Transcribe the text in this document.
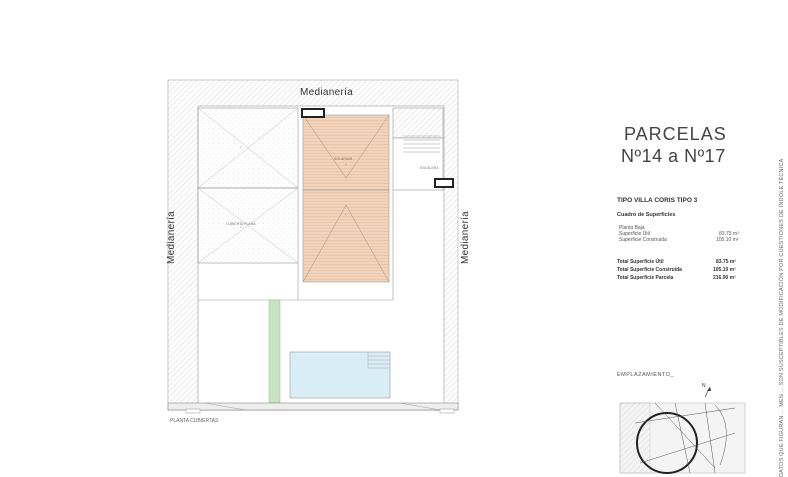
+
+
+
+
Medianería
Medianería	Medianería
SOLARIUM
CUBIERTA PLANA
ESCALERA
PLANTA CUBIERTAS
PARCELAS
Nº14 a Nº17
TIPO VILLA CORIS TIPO 3
Cuadro de Superficies
Planta Baja
Superficie Útil	83.75 m²
Superficie Construida	105.10 m²
Total Superficie Útil	83.75 m²
Total Superficie Construida	105.10 m²
Total Superficie Parcela	216.90 m²
EMPLAZAMIENTO_
N	DATOS QUE FIGURAN ... MEN ... SON SUSCEPTIBLES DE MODIFICACIÓN POR CUESTIONES DE ÍNDOLE TÉCNICA
